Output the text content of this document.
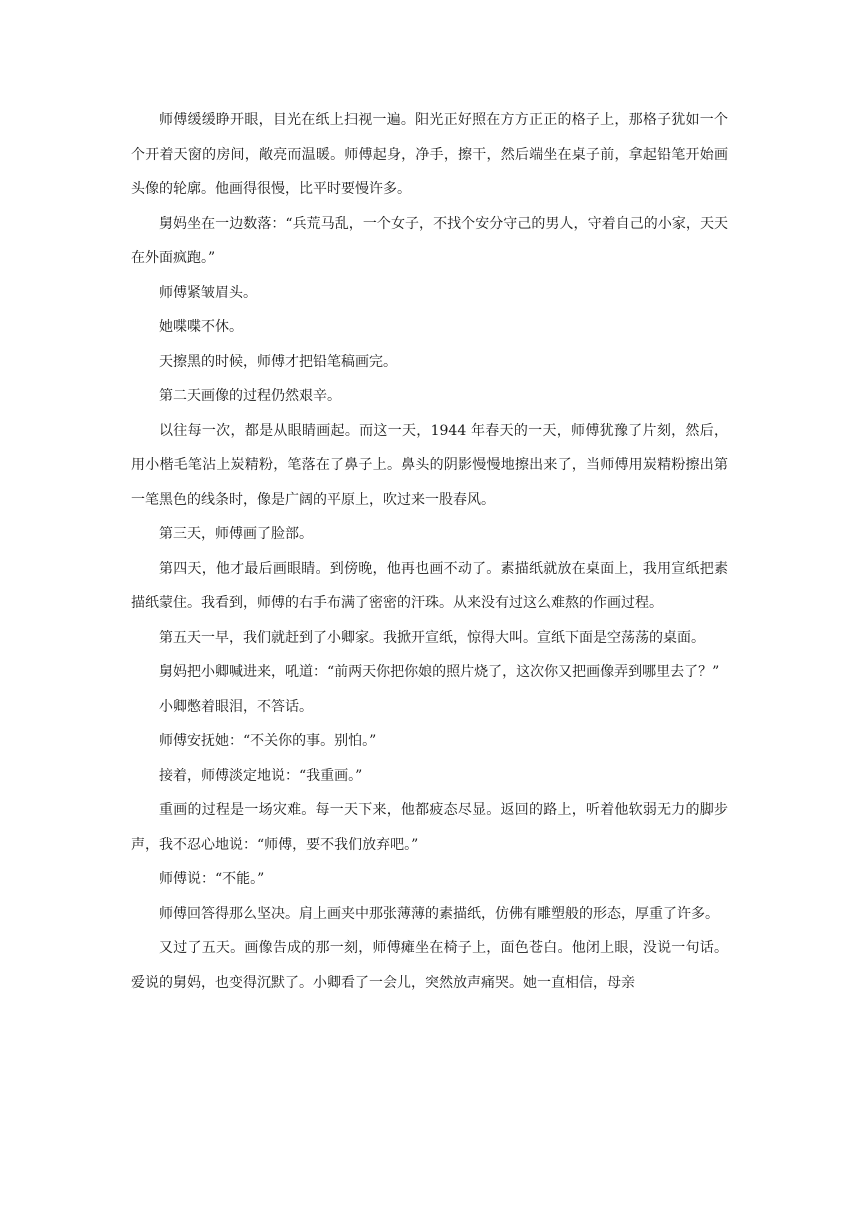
师傅缓缓睁开眼，目光在纸上扫视一遍。阳光正好照在方方正正的格子上，那格子犹如一个个开着天窗的房间，敞亮而温暖。师傅起身，净手，擦干，然后端坐在桌子前，拿起铅笔开始画头像的轮廓。他画得很慢，比平时要慢许多。

舅妈坐在一边数落：“兵荒马乱，一个女子，不找个安分守己的男人，守着自己的小家，天天在外面疯跑。”

师傅紧皱眉头。

她喋喋不休。

天擦黑的时候，师傅才把铅笔稿画完。

第二天画像的过程仍然艰辛。

以往每一次，都是从眼睛画起。而这一天，1944 年春天的一天，师傅犹豫了片刻，然后，用小楷毛笔沾上炭精粉，笔落在了鼻子上。鼻头的阴影慢慢地擦出来了，当师傅用炭精粉擦出第一笔黑色的线条时，像是广阔的平原上，吹过来一股春风。

第三天，师傅画了脸部。

第四天，他才最后画眼睛。到傍晚，他再也画不动了。素描纸就放在桌面上，我用宣纸把素描纸蒙住。我看到，师傅的右手布满了密密的汗珠。从来没有过这么难熬的作画过程。

第五天一早，我们就赶到了小卿家。我掀开宣纸，惊得大叫。宣纸下面是空荡荡的桌面。

舅妈把小卿喊进来，吼道：“前两天你把你娘的照片烧了，这次你又把画像弄到哪里去了？”

小卿憋着眼泪，不答话。

师傅安抚她：“不关你的事。别怕。”

接着，师傅淡定地说：“我重画。”

重画的过程是一场灾难。每一天下来，他都疲态尽显。返回的路上，听着他软弱无力的脚步声，我不忍心地说：“师傅，要不我们放弃吧。”

师傅说：“不能。”

师傅回答得那么坚决。肩上画夹中那张薄薄的素描纸，仿佛有雕塑般的形态，厚重了许多。

又过了五天。画像告成的那一刻，师傅瘫坐在椅子上，面色苍白。他闭上眼，没说一句话。爱说的舅妈，也变得沉默了。小卿看了一会儿，突然放声痛哭。她一直相信，母亲
